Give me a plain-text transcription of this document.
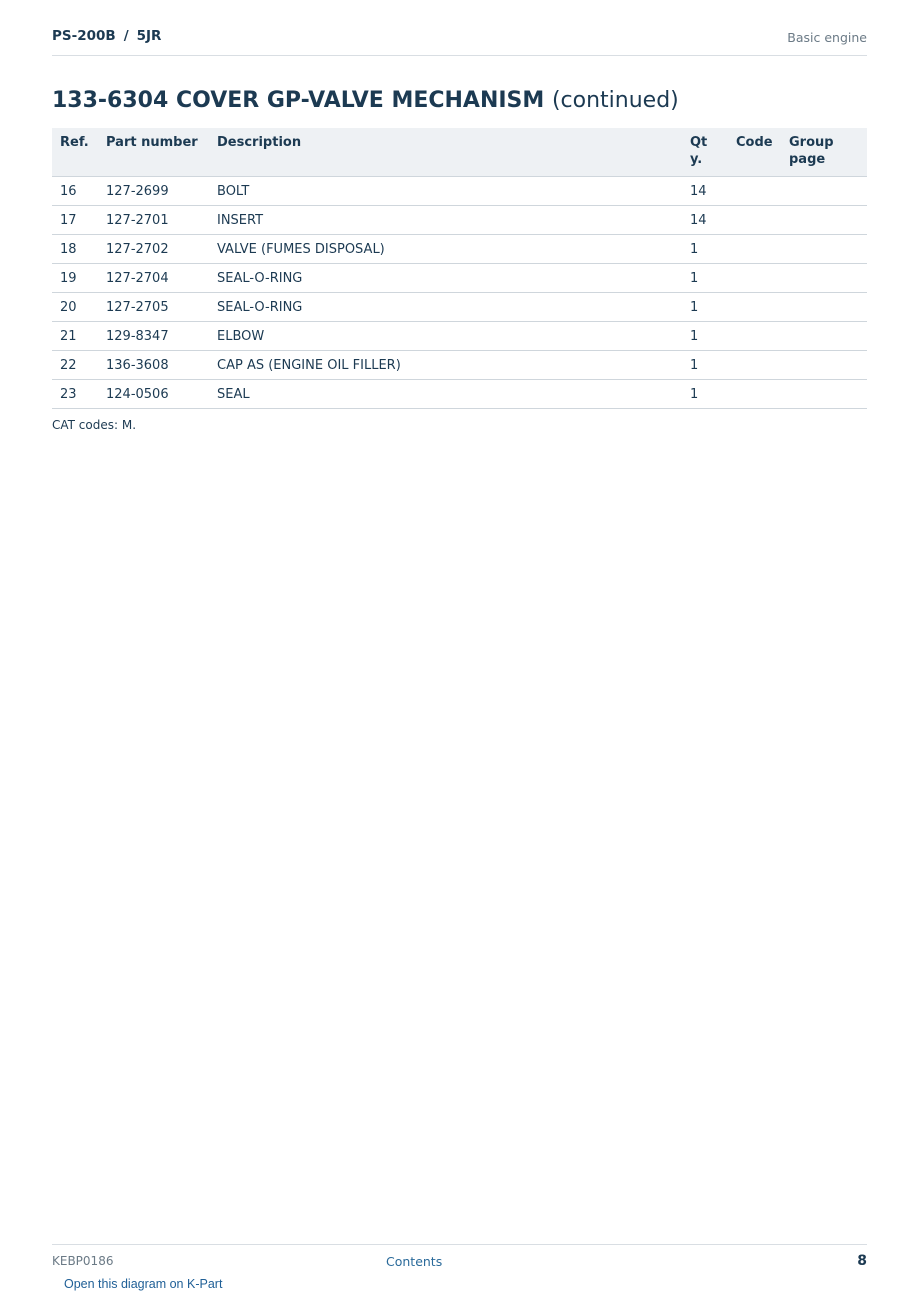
PS-200B / 5JR	Basic engine
133-6304 COVER GP-VALVE MECHANISM (continued)
Ref.	Part number	Description	Qty.	Code	Group page

16	127-2699	BOLT	14		
17	127-2701	INSERT	14		
18	127-2702	VALVE (FUMES DISPOSAL)	1		
19	127-2704	SEAL-O-RING	1		
20	127-2705	SEAL-O-RING	1		
21	129-8347	ELBOW	1		
22	136-3608	CAP AS (ENGINE OIL FILLER)	1		
23	124-0506	SEAL	1		
CAT codes: M.
KEBP0186	Contents	8
Open this diagram on K-Part
